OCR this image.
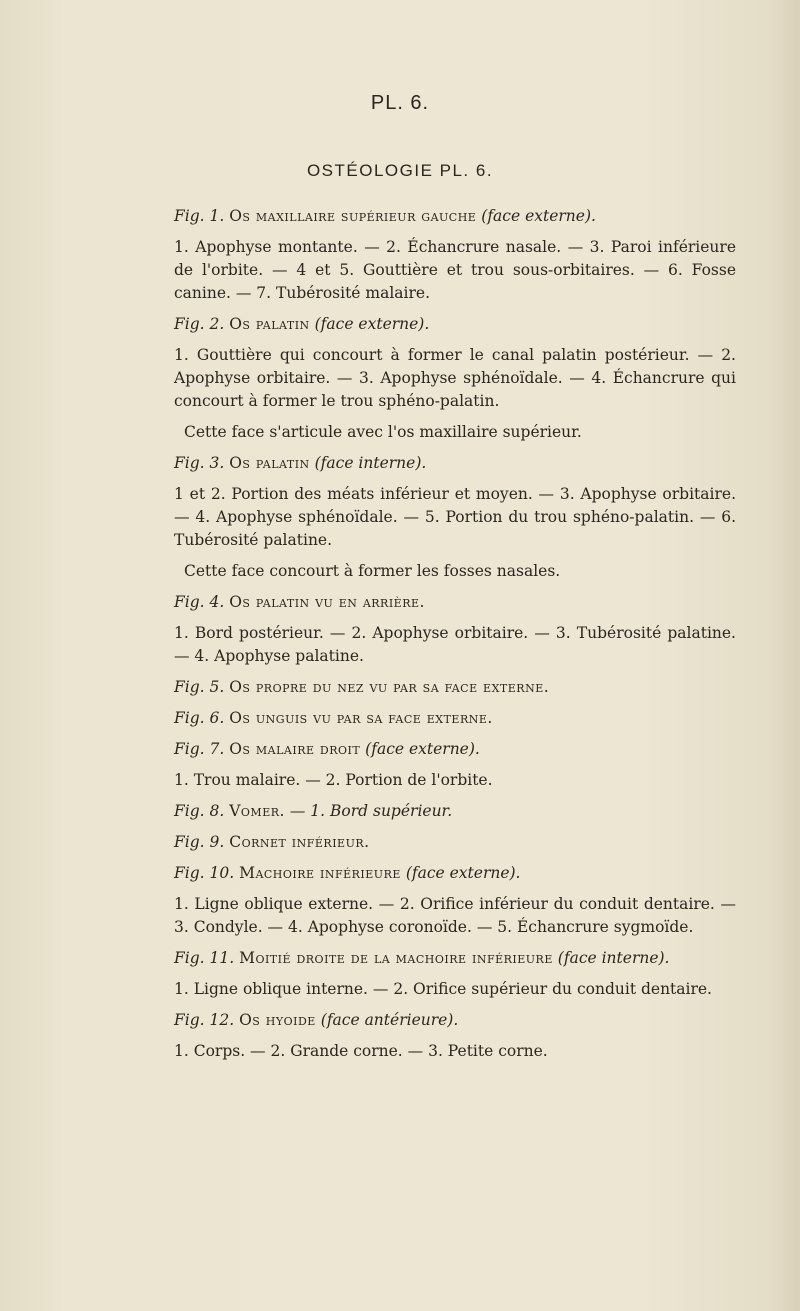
PL. 6.
OSTÉOLOGIE PL. 6.

Fig. 1. Os maxillaire supérieur gauche (face externe).

1. Apophyse montante. — 2. Échancrure nasale. — 3. Paroi inférieure de l'orbite. — 4 et 5. Gouttière et trou sous-orbitaires. — 6. Fosse canine. — 7. Tubérosité malaire.

Fig. 2. Os palatin (face externe).

1. Gouttière qui concourt à former le canal palatin postérieur. — 2. Apophyse orbitaire. — 3. Apophyse sphénoïdale. — 4. Échancrure qui concourt à former le trou sphéno-palatin.

Cette face s'articule avec l'os maxillaire supérieur.

Fig. 3. Os palatin (face interne).

1 et 2. Portion des méats inférieur et moyen. — 3. Apophyse orbitaire. — 4. Apophyse sphénoïdale. — 5. Portion du trou sphéno-palatin. — 6. Tubérosité palatine.

Cette face concourt à former les fosses nasales.

Fig. 4. Os palatin vu en arrière.

1. Bord postérieur. — 2. Apophyse orbitaire. — 3. Tubérosité palatine. — 4. Apophyse palatine.

Fig. 5. Os propre du nez vu par sa face externe.

Fig. 6. Os unguis vu par sa face externe.

Fig. 7. Os malaire droit (face externe).

1. Trou malaire. — 2. Portion de l'orbite.

Fig. 8. Vomer. — 1. Bord supérieur.

Fig. 9. Cornet inférieur.

Fig. 10. Machoire inférieure (face externe).

1. Ligne oblique externe. — 2. Orifice inférieur du conduit dentaire. — 3. Condyle. — 4. Apophyse coronoïde. — 5. Échancrure sygmoïde.

Fig. 11. Moitié droite de la machoire inférieure (face interne).

1. Ligne oblique interne. — 2. Orifice supérieur du conduit dentaire.

Fig. 12. Os hyoide (face antérieure).

1. Corps. — 2. Grande corne. — 3. Petite corne.
